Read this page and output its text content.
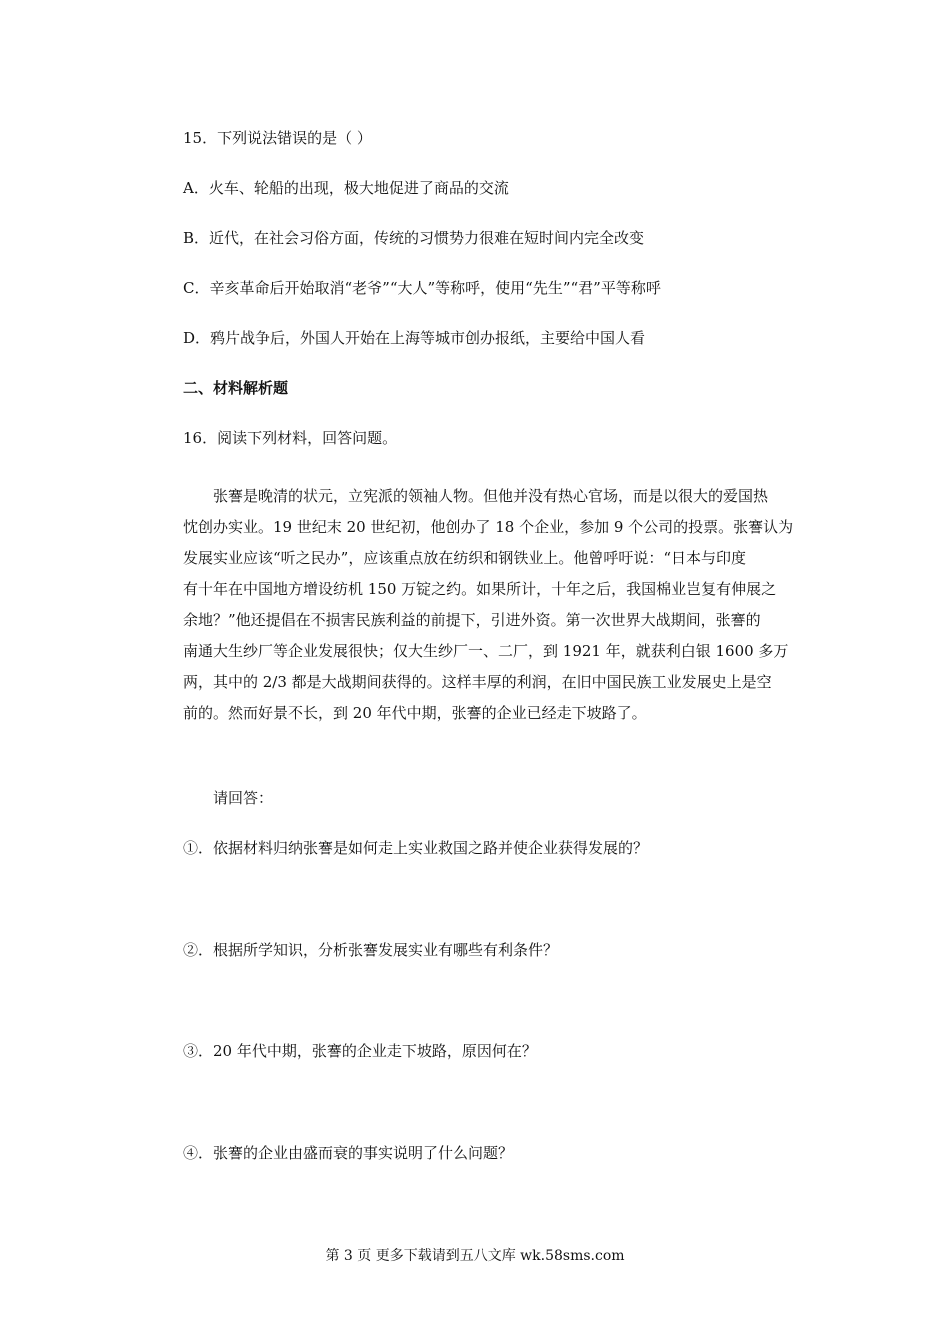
15．下列说法错误的是（ ）
A．火车、轮船的出现，极大地促进了商品的交流
B．近代，在社会习俗方面，传统的习惯势力很难在短时间内完全改变
C．辛亥革命后开始取消“老爷”“大人”等称呼，使用“先生”“君”平等称呼
D．鸦片战争后，外国人开始在上海等城市创办报纸，主要给中国人看
二、材料解析题
16．阅读下列材料，回答问题。
　　张謇是晚清的状元，立宪派的领袖人物。但他并没有热心官场，而是以很大的爱国热
忱创办实业。19 世纪末 20 世纪初，他创办了 18 个企业，参加 9 个公司的投票。张謇认为
发展实业应该“听之民办”，应该重点放在纺织和钢铁业上。他曾呼吁说：“日本与印度
有十年在中国地方增设纺机 150 万锭之约。如果所计，十年之后，我国棉业岂复有伸展之
余地？”他还提倡在不损害民族利益的前提下，引进外资。第一次世界大战期间，张謇的
南通大生纱厂等企业发展很快；仅大生纱厂一、二厂，到 1921 年，就获利白银 1600 多万
两，其中的 2/3 都是大战期间获得的。这样丰厚的利润，在旧中国民族工业发展史上是空
前的。然而好景不长，到 20 年代中期，张謇的企业已经走下坡路了。
　　请回答：
①．依据材料归纳张謇是如何走上实业救国之路并使企业获得发展的？
②．根据所学知识，分析张謇发展实业有哪些有利条件？
③．20 年代中期，张謇的企业走下坡路，原因何在？
④．张謇的企业由盛而衰的事实说明了什么问题？
第 3 页 更多下载请到五八文库 wk.58sms.com
